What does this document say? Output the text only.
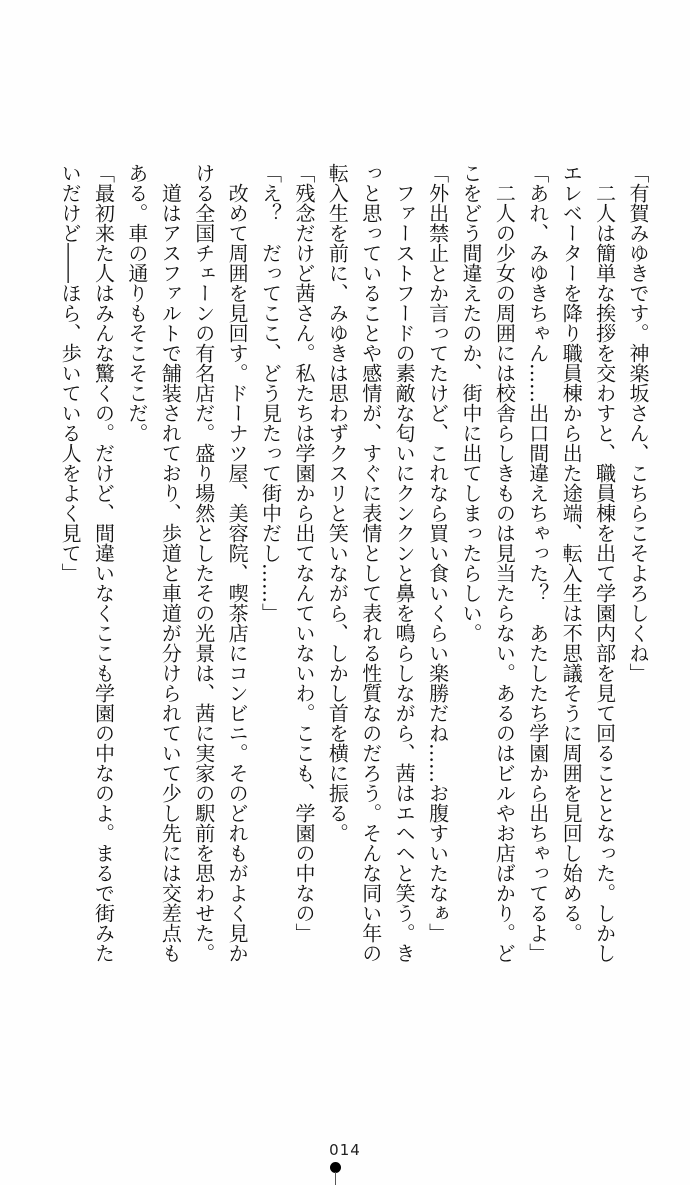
「有賀みゆきです。神楽坂さん、こちらこそよろしくね」
　二人は簡単な挨拶を交わすと、職員棟を出て学園内部を見て回ることとなった。しかし
エレベーターを降り職員棟から出た途端、転入生は不思議そうに周囲を見回し始める。
「あれ、みゆきちゃん……出口間違えちゃった？　あたしたち学園から出ちゃってるよ」
　二人の少女の周囲には校舎らしきものは見当たらない。あるのはビルやお店ばかり。ど
こをどう間違えたのか、街中に出てしまったらしい。
「外出禁止とか言ってたけど、これなら買い食いくらい楽勝だね……お腹すいたなぁ」
　ファーストフードの素敵な匂いにクンクンと鼻を鳴らしながら、茜はエヘヘと笑う。き
っと思っていることや感情が、すぐに表情として表れる性質なのだろう。そんな同い年の
転入生を前に、みゆきは思わずクスリと笑いながら、しかし首を横に振る。
「残念だけど茜さん。私たちは学園から出てなんていないわ。ここも、学園の中なの」
「え？　だってここ、どう見たって街中だし……」
　改めて周囲を見回す。ドーナツ屋、美容院、喫茶店にコンビニ。そのどれもがよく見か
ける全国チェーンの有名店だ。盛り場然としたその光景は、茜に実家の駅前を思わせた。
　道はアスファルトで舗装されており、歩道と車道が分けられていて少し先には交差点も
ある。車の通りもそこそこだ。
「最初来た人はみんな驚くの。だけど、間違いなくここも学園の中なのよ。まるで街みた
いだけど――ほら、歩いている人をよく見て」
014
